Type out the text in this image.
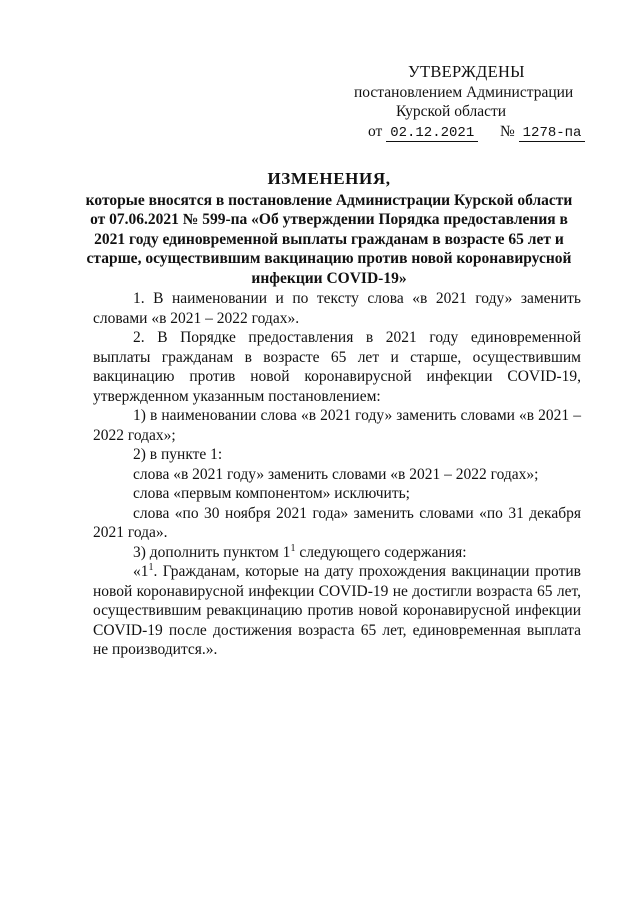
УТВЕРЖДЕНЫ
постановлением Администрации
Курской области
от 02.12.2021 № 1278-па
ИЗМЕНЕНИЯ,
которые вносятся в постановление Администрации Курской области от 07.06.2021 № 599-па «Об утверждении Порядка предоставления в 2021 году единовременной выплаты гражданам в возрасте 65 лет и старше, осуществившим вакцинацию против новой коронавирусной инфекции COVID-19»

1. В наименовании и по тексту слова «в 2021 году» заменить словами «в 2021 – 2022 годах».

2. В Порядке предоставления в 2021 году единовременной выплаты гражданам в возрасте 65 лет и старше, осуществившим вакцинацию против новой коронавирусной инфекции COVID-19, утвержденном указанным постановлением:

1) в наименовании слова «в 2021 году» заменить словами «в 2021 – 2022 годах»;

2) в пункте 1:

слова «в 2021 году» заменить словами «в 2021 – 2022 годах»;

слова «первым компонентом» исключить;

слова «по 30 ноября 2021 года» заменить словами «по 31 декабря 2021 года».

3) дополнить пунктом $1^1$ следующего содержания:

«$1^1$. Гражданам, которые на дату прохождения вакцинации против новой коронавирусной инфекции COVID-19 не достигли возраста 65 лет, осуществившим ревакцинацию против новой коронавирусной инфекции COVID-19 после достижения возраста 65 лет, единовременная выплата не производится.».
